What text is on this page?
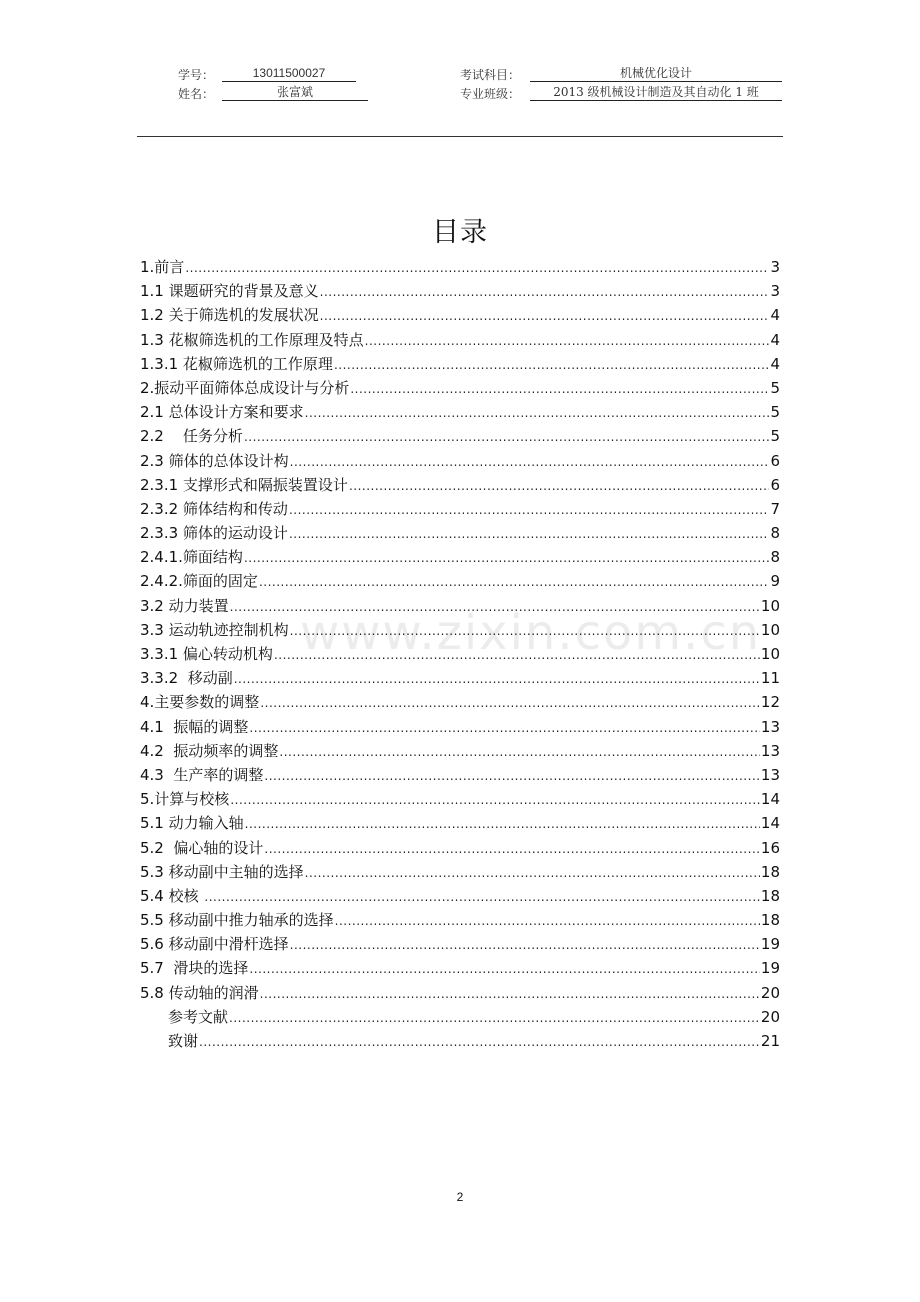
学号：	13011500027	考试科目：	机械优化设计
姓名：	张富斌	专业班级：	2013 级机械设计制造及其自动化 1 班
目录
www.zixin.com.cn
1.前言 .....	3
1.1 课题研究的背景及意义 .....	3
1.2 关于筛选机的发展状况 .....	4
1.3 花椒筛选机的工作原理及特点 .....	4
1.3.1 花椒筛选机的工作原理 .....	4
2.振动平面筛体总成设计与分析 .....	5
2.1 总体设计方案和要求 .....	5
2.2    任务分析 .....	5
2.3 筛体的总体设计构 .....	6
2.3.1 支撑形式和隔振装置设计 .....	6
2.3.2 筛体结构和传动 .....	7
2.3.3 筛体的运动设计 .....	8
2.4.1.筛面结构 .....	8
2.4.2.筛面的固定 .....	9
3.2 动力装置 .....	10
3.3 运动轨迹控制机构 .....	10
3.3.1 偏心转动机构 .....	10
3.3.2  移动副 .....	11
4.主要参数的调整 .....	12
4.1  振幅的调整 .....	13
4.2  振动频率的调整 .....	13
4.3  生产率的调整 .....	13
5.计算与校核 .....	14
5.1 动力输入轴 .....	14
5.2  偏心轴的设计 .....	16
5.3 移动副中主轴的选择 .....	18
5.4 校核 .....	18
5.5 移动副中推力轴承的选择 .....	18
5.6 移动副中滑杆选择 .....	19
5.7  滑块的选择 .....	19
5.8 传动轴的润滑 .....	20
参考文献 .....	20
致谢 .....	21
2
